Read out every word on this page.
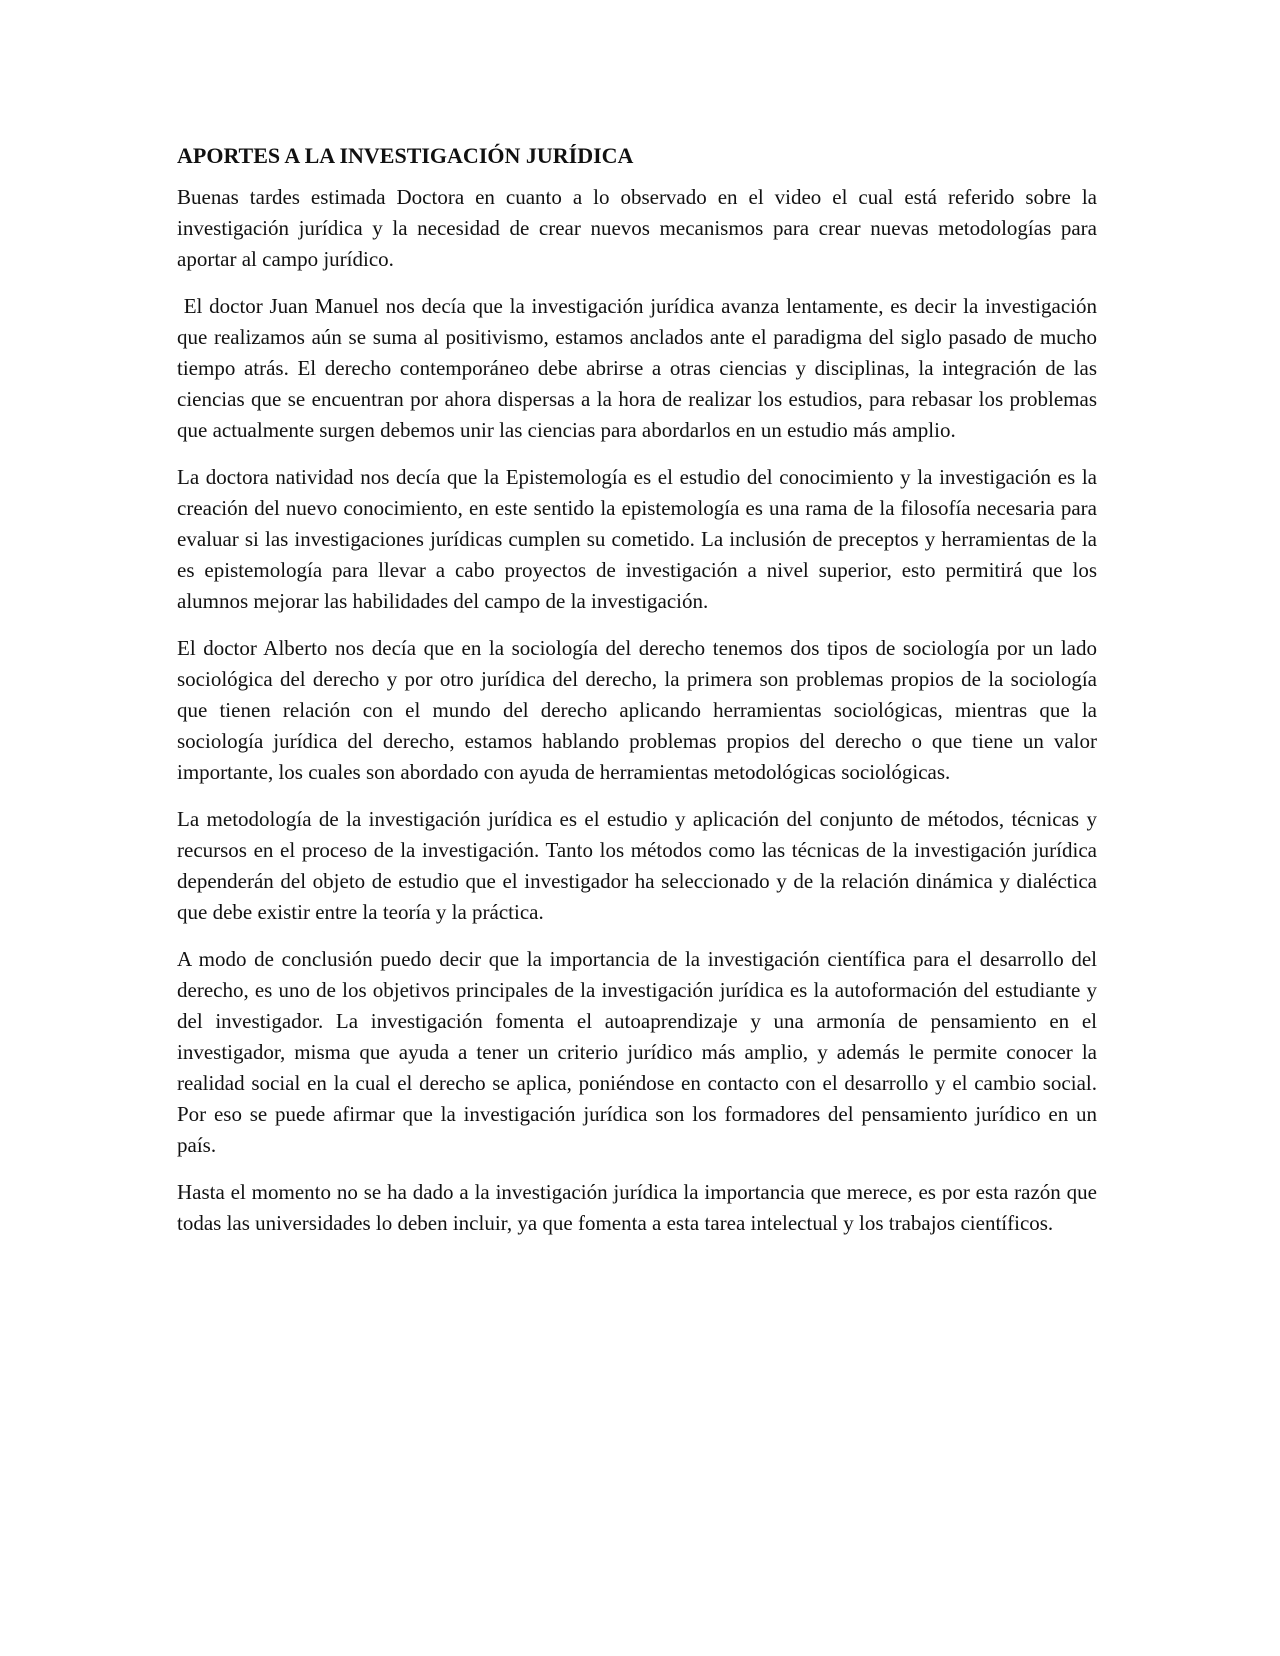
APORTES A LA INVESTIGACIÓN JURÍDICA

Buenas tardes estimada Doctora en cuanto a lo observado en el video el cual está referido sobre la investigación jurídica y la necesidad de crear nuevos mecanismos para crear nuevas metodologías para aportar al campo jurídico.

El doctor Juan Manuel nos decía que la investigación jurídica avanza lentamente, es decir la investigación que realizamos aún se suma al positivismo, estamos anclados ante el paradigma del siglo pasado de mucho tiempo atrás. El derecho contemporáneo debe abrirse a otras ciencias y disciplinas, la integración de las ciencias que se encuentran por ahora dispersas a la hora de realizar los estudios, para rebasar los problemas que actualmente surgen debemos unir las ciencias para abordarlos en un estudio más amplio.

La doctora natividad nos decía que la Epistemología es el estudio del conocimiento y la investigación es la creación del nuevo conocimiento, en este sentido la epistemología es una rama de la filosofía necesaria para evaluar si las investigaciones jurídicas cumplen su cometido. La inclusión de preceptos y herramientas de la es epistemología para llevar a cabo proyectos de investigación a nivel superior, esto permitirá que los alumnos mejorar las habilidades del campo de la investigación.

El doctor Alberto nos decía que en la sociología del derecho tenemos dos tipos de sociología por un lado sociológica del derecho y por otro jurídica del derecho, la primera son problemas propios de la sociología que tienen relación con el mundo del derecho aplicando herramientas sociológicas, mientras que la sociología jurídica del derecho, estamos hablando problemas propios del derecho o que tiene un valor importante, los cuales son abordado con ayuda de herramientas metodológicas sociológicas.

La metodología de la investigación jurídica es el estudio y aplicación del conjunto de métodos, técnicas y recursos en el proceso de la investigación. Tanto los métodos como las técnicas de la investigación jurídica dependerán del objeto de estudio que el investigador ha seleccionado y de la relación dinámica y dialéctica que debe existir entre la teoría y la práctica.

A modo de conclusión puedo decir que la importancia de la investigación científica para el desarrollo del derecho, es uno de los objetivos principales de la investigación jurídica es la autoformación del estudiante y del investigador. La investigación fomenta el autoaprendizaje y una armonía de pensamiento en el investigador, misma que ayuda a tener un criterio jurídico más amplio, y además le permite conocer la realidad social en la cual el derecho se aplica, poniéndose en contacto con el desarrollo y el cambio social. Por eso se puede afirmar que la investigación jurídica son los formadores del pensamiento jurídico en un país.

Hasta el momento no se ha dado a la investigación jurídica la importancia que merece, es por esta razón que todas las universidades lo deben incluir, ya que fomenta a esta tarea intelectual y los trabajos científicos.
